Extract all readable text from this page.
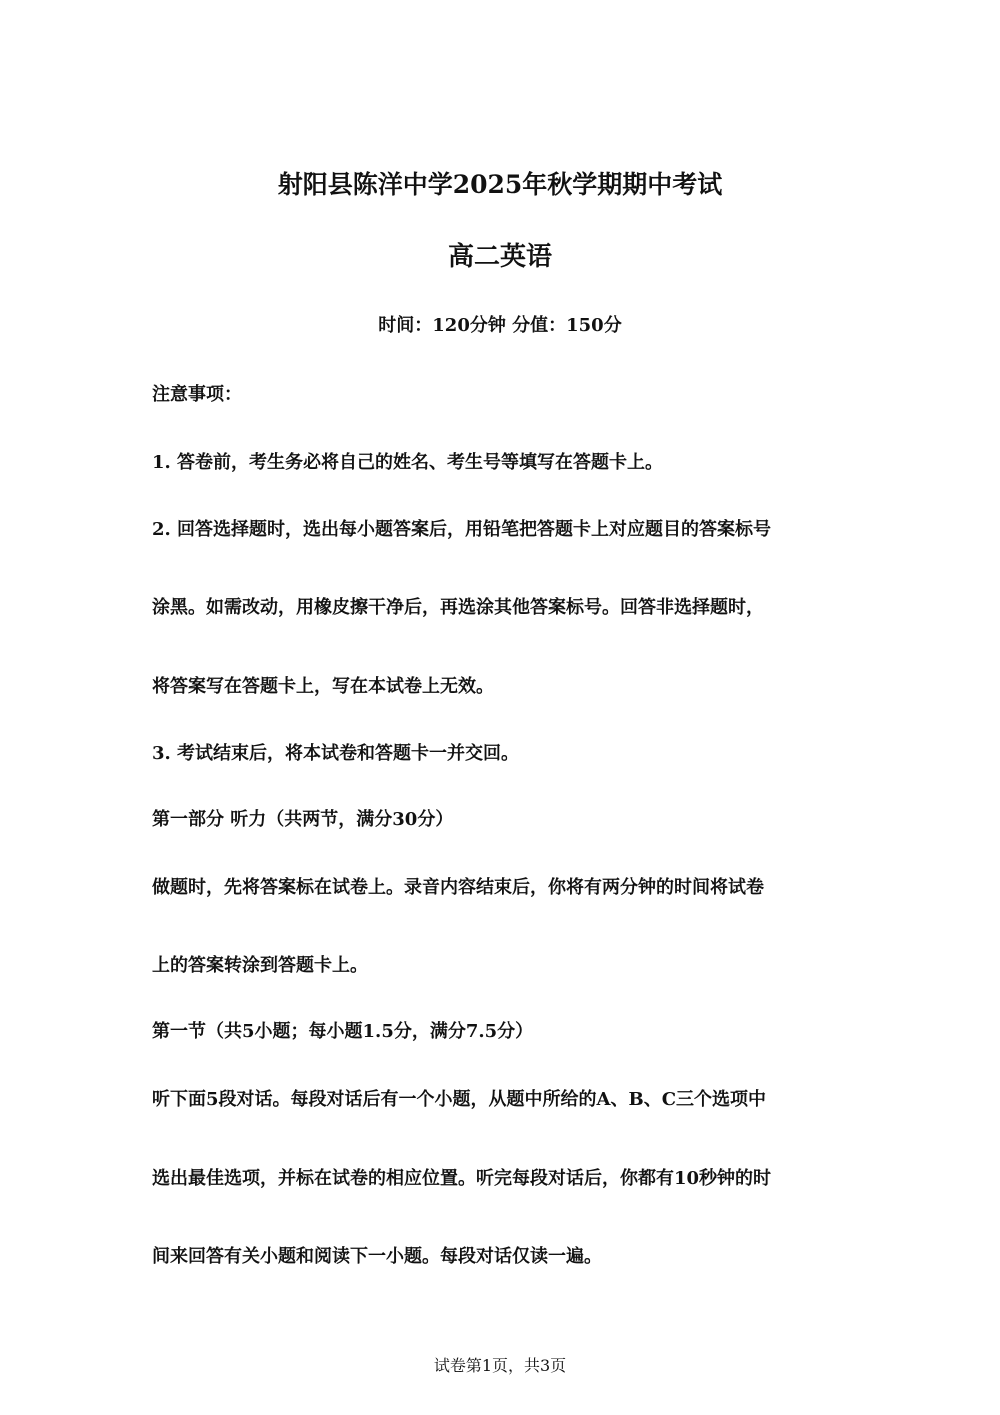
射阳县陈洋中学2025年秋学期期中考试
高二英语
时间：120分钟 分值：150分
注意事项：
1. 答卷前，考生务必将自己的姓名、考生号等填写在答题卡上。
2. 回答选择题时，选出每小题答案后，用铅笔把答题卡上对应题目的答案标号
涂黑。如需改动，用橡皮擦干净后，再选涂其他答案标号。回答非选择题时，
将答案写在答题卡上，写在本试卷上无效。
3. 考试结束后，将本试卷和答题卡一并交回。
第一部分 听力（共两节，满分30分）
做题时，先将答案标在试卷上。录音内容结束后，你将有两分钟的时间将试卷
上的答案转涂到答题卡上。
第一节（共5小题；每小题1.5分，满分7.5分）
听下面5段对话。每段对话后有一个小题，从题中所给的A、B、C三个选项中
选出最佳选项，并标在试卷的相应位置。听完每段对话后，你都有10秒钟的时
间来回答有关小题和阅读下一小题。每段对话仅读一遍。
试卷第1页，共3页
